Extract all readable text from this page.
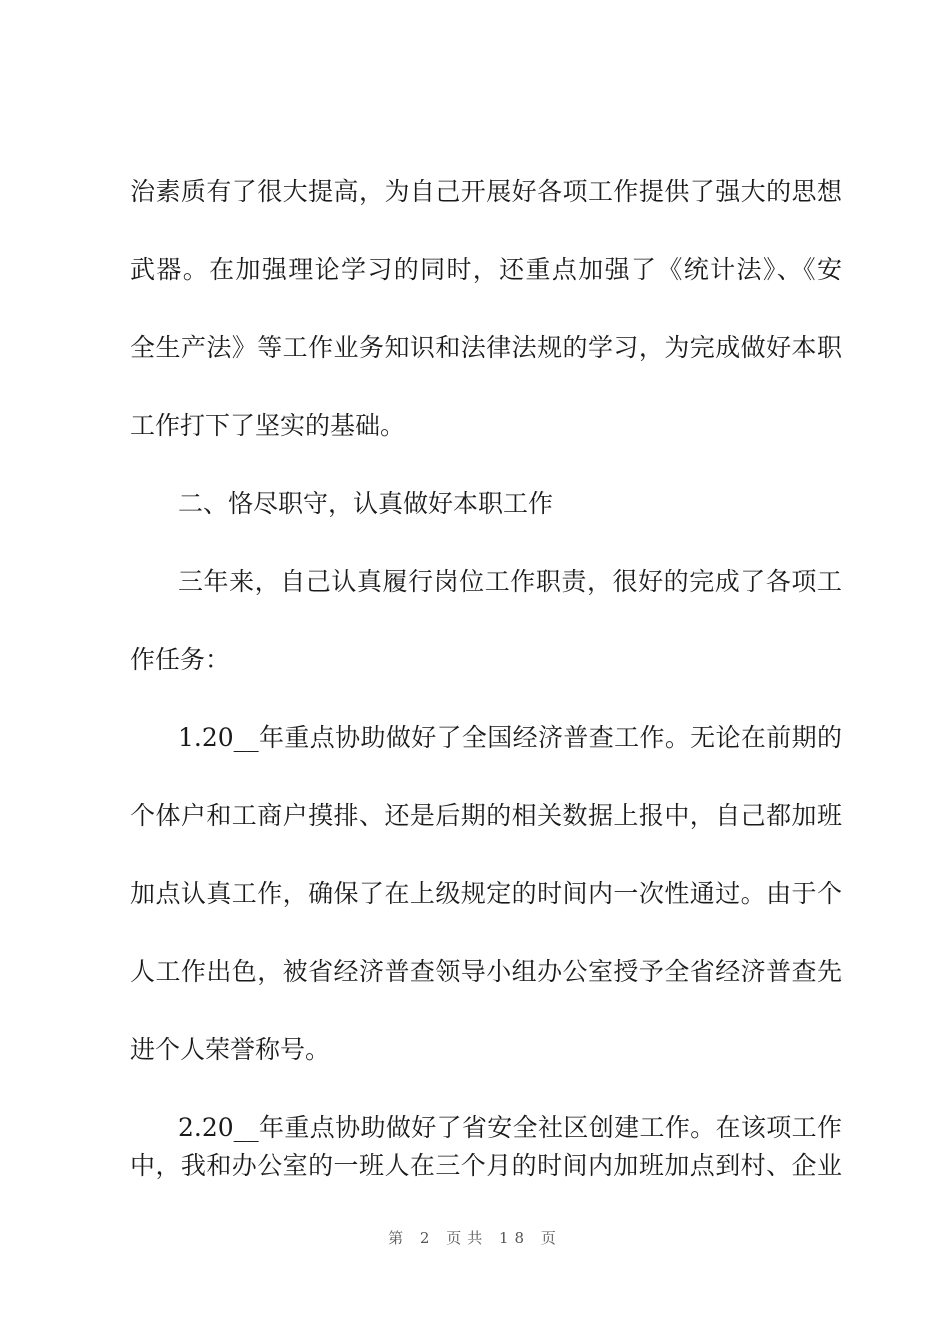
治素质有了很大提高，为自己开展好各项工作提供了强大的思想
武器。在加强理论学习的同时，还重点加强了《统计法》、《安
全生产法》等工作业务知识和法律法规的学习，为完成做好本职
工作打下了坚实的基础。
二、恪尽职守，认真做好本职工作
三年来，自己认真履行岗位工作职责，很好的完成了各项工
作任务：
1.20__年重点协助做好了全国经济普查工作。无论在前期的
个体户和工商户摸排、还是后期的相关数据上报中，自己都加班
加点认真工作，确保了在上级规定的时间内一次性通过。由于个
人工作出色，被省经济普查领导小组办公室授予全省经济普查先
进个人荣誉称号。
2.20__年重点协助做好了省安全社区创建工作。在该项工作
中，我和办公室的一班人在三个月的时间内加班加点到村、企业
第 2 页共 18 页
